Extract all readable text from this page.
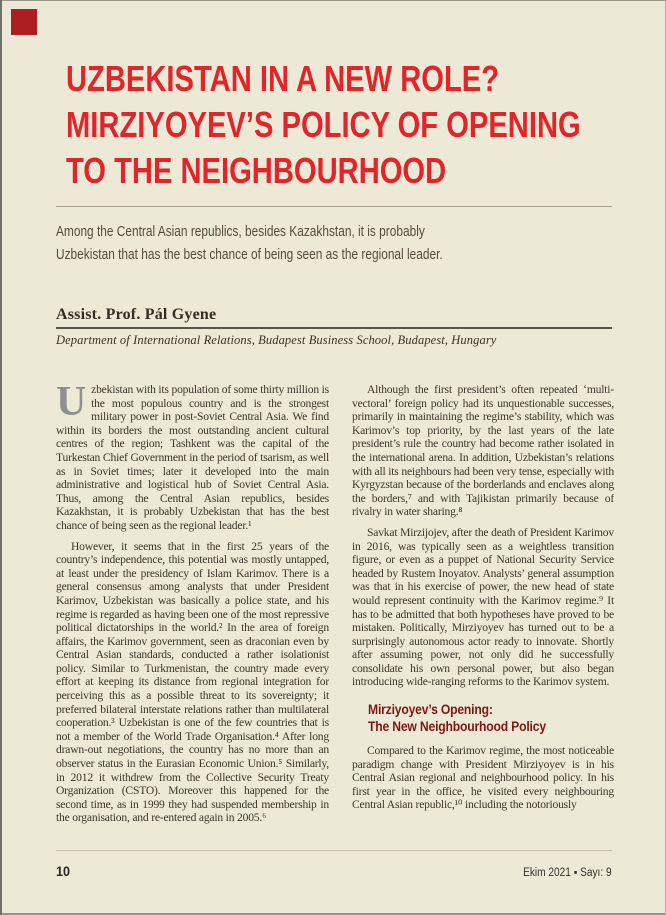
UZBEKISTAN IN A NEW ROLE?
MIRZIYOYEV’S POLICY OF OPENING
TO THE NEIGHBOURHOOD
Among the Central Asian republics, besides Kazakhstan, it is probably
Uzbekistan that has the best chance of being seen as the regional leader.
Assist. Prof. Pál Gyene
Department of International Relations, Budapest Business School, Budapest, Hungary

Uzbekistan with its population of some thirty million is the most populous country and is the strongest military power in post-Soviet Central Asia. We find within its borders the most outstanding ancient cultural centres of the region; Tashkent was the capital of the Turkestan Chief Government in the period of tsarism, as well as in Soviet times; later it developed into the main administrative and logistical hub of Soviet Central Asia. Thus, among the Central Asian republics, besides Kazakhstan, it is probably Uzbekistan that has the best chance of being seen as the regional leader.¹

However, it seems that in the first 25 years of the country’s independence, this potential was mostly untapped, at least under the presidency of Islam Karimov. There is a general consensus among analysts that under President Karimov, Uzbekistan was basically a police state, and his regime is regarded as having been one of the most repressive political dictatorships in the world.² In the area of foreign affairs, the Karimov government, seen as draconian even by Central Asian standards, conducted a rather isolationist policy. Similar to Turkmenistan, the country made every effort at keeping its distance from regional integration for perceiving this as a possible threat to its sovereignty; it preferred bilateral interstate relations rather than multilateral cooperation.³ Uzbekistan is one of the few countries that is not a member of the World Trade Organisation.⁴ After long drawn-out negotiations, the country has no more than an observer status in the Eurasian Economic Union.⁵ Similarly, in 2012 it withdrew from the Collective Security Treaty Organization (CSTO). Moreover this happened for the second time, as in 1999 they had suspended membership in the organisation, and re-entered again in 2005.⁶

Although the first president’s often repeated ‘multi-vectoral’ foreign policy had its unquestionable successes, primarily in maintaining the regime’s stability, which was Karimov’s top priority, by the last years of the late president’s rule the country had become rather isolated in the international arena. In addition, Uzbekistan’s relations with all its neighbours had been very tense, especially with Kyrgyzstan because of the borderlands and enclaves along the borders,⁷ and with Tajikistan primarily because of rivalry in water sharing.⁸

Savkat Mirzijojev, after the death of President Karimov in 2016, was typically seen as a weightless transition figure, or even as a puppet of National Security Service headed by Rustem Inoyatov. Analysts’ general assumption was that in his exercise of power, the new head of state would represent continuity with the Karimov regime.⁹ It has to be admitted that both hypotheses have proved to be mistaken. Politically, Mirziyoyev has turned out to be a surprisingly autonomous actor ready to innovate. Shortly after assuming power, not only did he successfully consolidate his own personal power, but also began introducing wide-ranging reforms to the Karimov system.

Mirziyoyev’s Opening:
The New Neighbourhood Policy

Compared to the Karimov regime, the most noticeable paradigm change with President Mirziyoyev is in his Central Asian regional and neighbourhood policy. In his first year in the office, he visited every neighbouring Central Asian republic,¹⁰ including the notoriously

10	Ekim 2021 ▪ Sayı: 9
